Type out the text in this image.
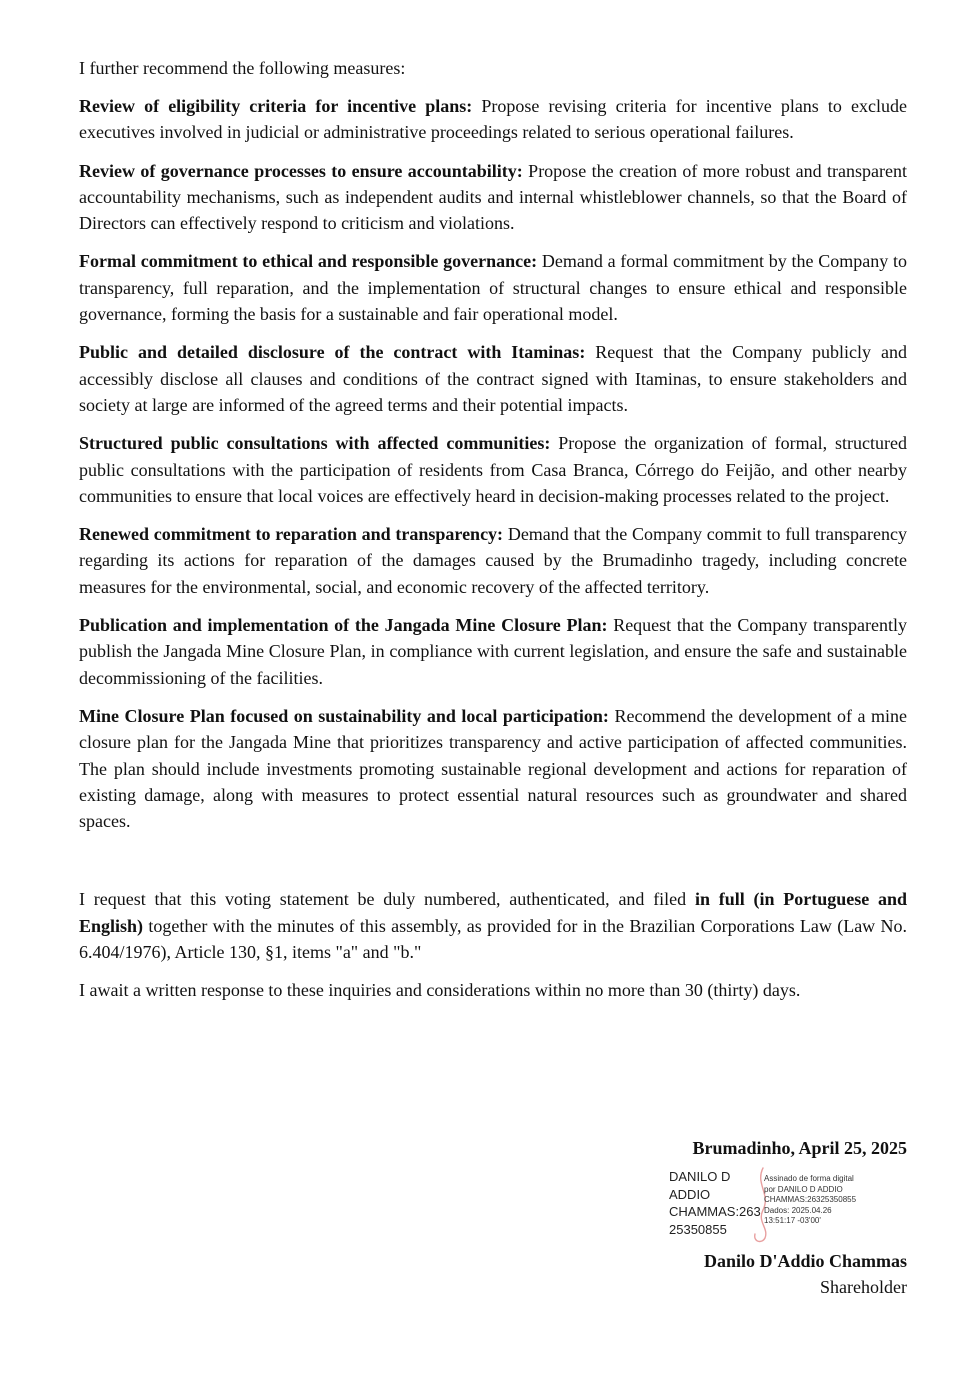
I further recommend the following measures:

Review of eligibility criteria for incentive plans: Propose revising criteria for incentive plans to exclude executives involved in judicial or administrative proceedings related to serious operational failures.

Review of governance processes to ensure accountability: Propose the creation of more robust and transparent accountability mechanisms, such as independent audits and internal whistleblower channels, so that the Board of Directors can effectively respond to criticism and violations.

Formal commitment to ethical and responsible governance: Demand a formal commitment by the Company to transparency, full reparation, and the implementation of structural changes to ensure ethical and responsible governance, forming the basis for a sustainable and fair operational model.

Public and detailed disclosure of the contract with Itaminas: Request that the Company publicly and accessibly disclose all clauses and conditions of the contract signed with Itaminas, to ensure stakeholders and society at large are informed of the agreed terms and their potential impacts.

Structured public consultations with affected communities: Propose the organization of formal, structured public consultations with the participation of residents from Casa Branca, Córrego do Feijão, and other nearby communities to ensure that local voices are effectively heard in decision-making processes related to the project.

Renewed commitment to reparation and transparency: Demand that the Company commit to full transparency regarding its actions for reparation of the damages caused by the Brumadinho tragedy, including concrete measures for the environmental, social, and economic recovery of the affected territory.

Publication and implementation of the Jangada Mine Closure Plan: Request that the Company transparently publish the Jangada Mine Closure Plan, in compliance with current legislation, and ensure the safe and sustainable decommissioning of the facilities.

Mine Closure Plan focused on sustainability and local participation: Recommend the development of a mine closure plan for the Jangada Mine that prioritizes transparency and active participation of affected communities. The plan should include investments promoting sustainable regional development and actions for reparation of existing damage, along with measures to protect essential natural resources such as groundwater and shared spaces.

I request that this voting statement be duly numbered, authenticated, and filed in full (in Portuguese and English) together with the minutes of this assembly, as provided for in the Brazilian Corporations Law (Law No. 6.404/1976), Article 130, §1, items "a" and "b."

I await a written response to these inquiries and considerations within no more than 30 (thirty) days.

Brumadinho, April 25, 2025
DANILO D
ADDIO
CHAMMAS:263
25350855
Assinado de forma digital
por DANILO D ADDIO
CHAMMAS:26325350855
Dados: 2025.04.26
13:51:17 -03'00'
Danilo D'Addio Chammas
Shareholder
